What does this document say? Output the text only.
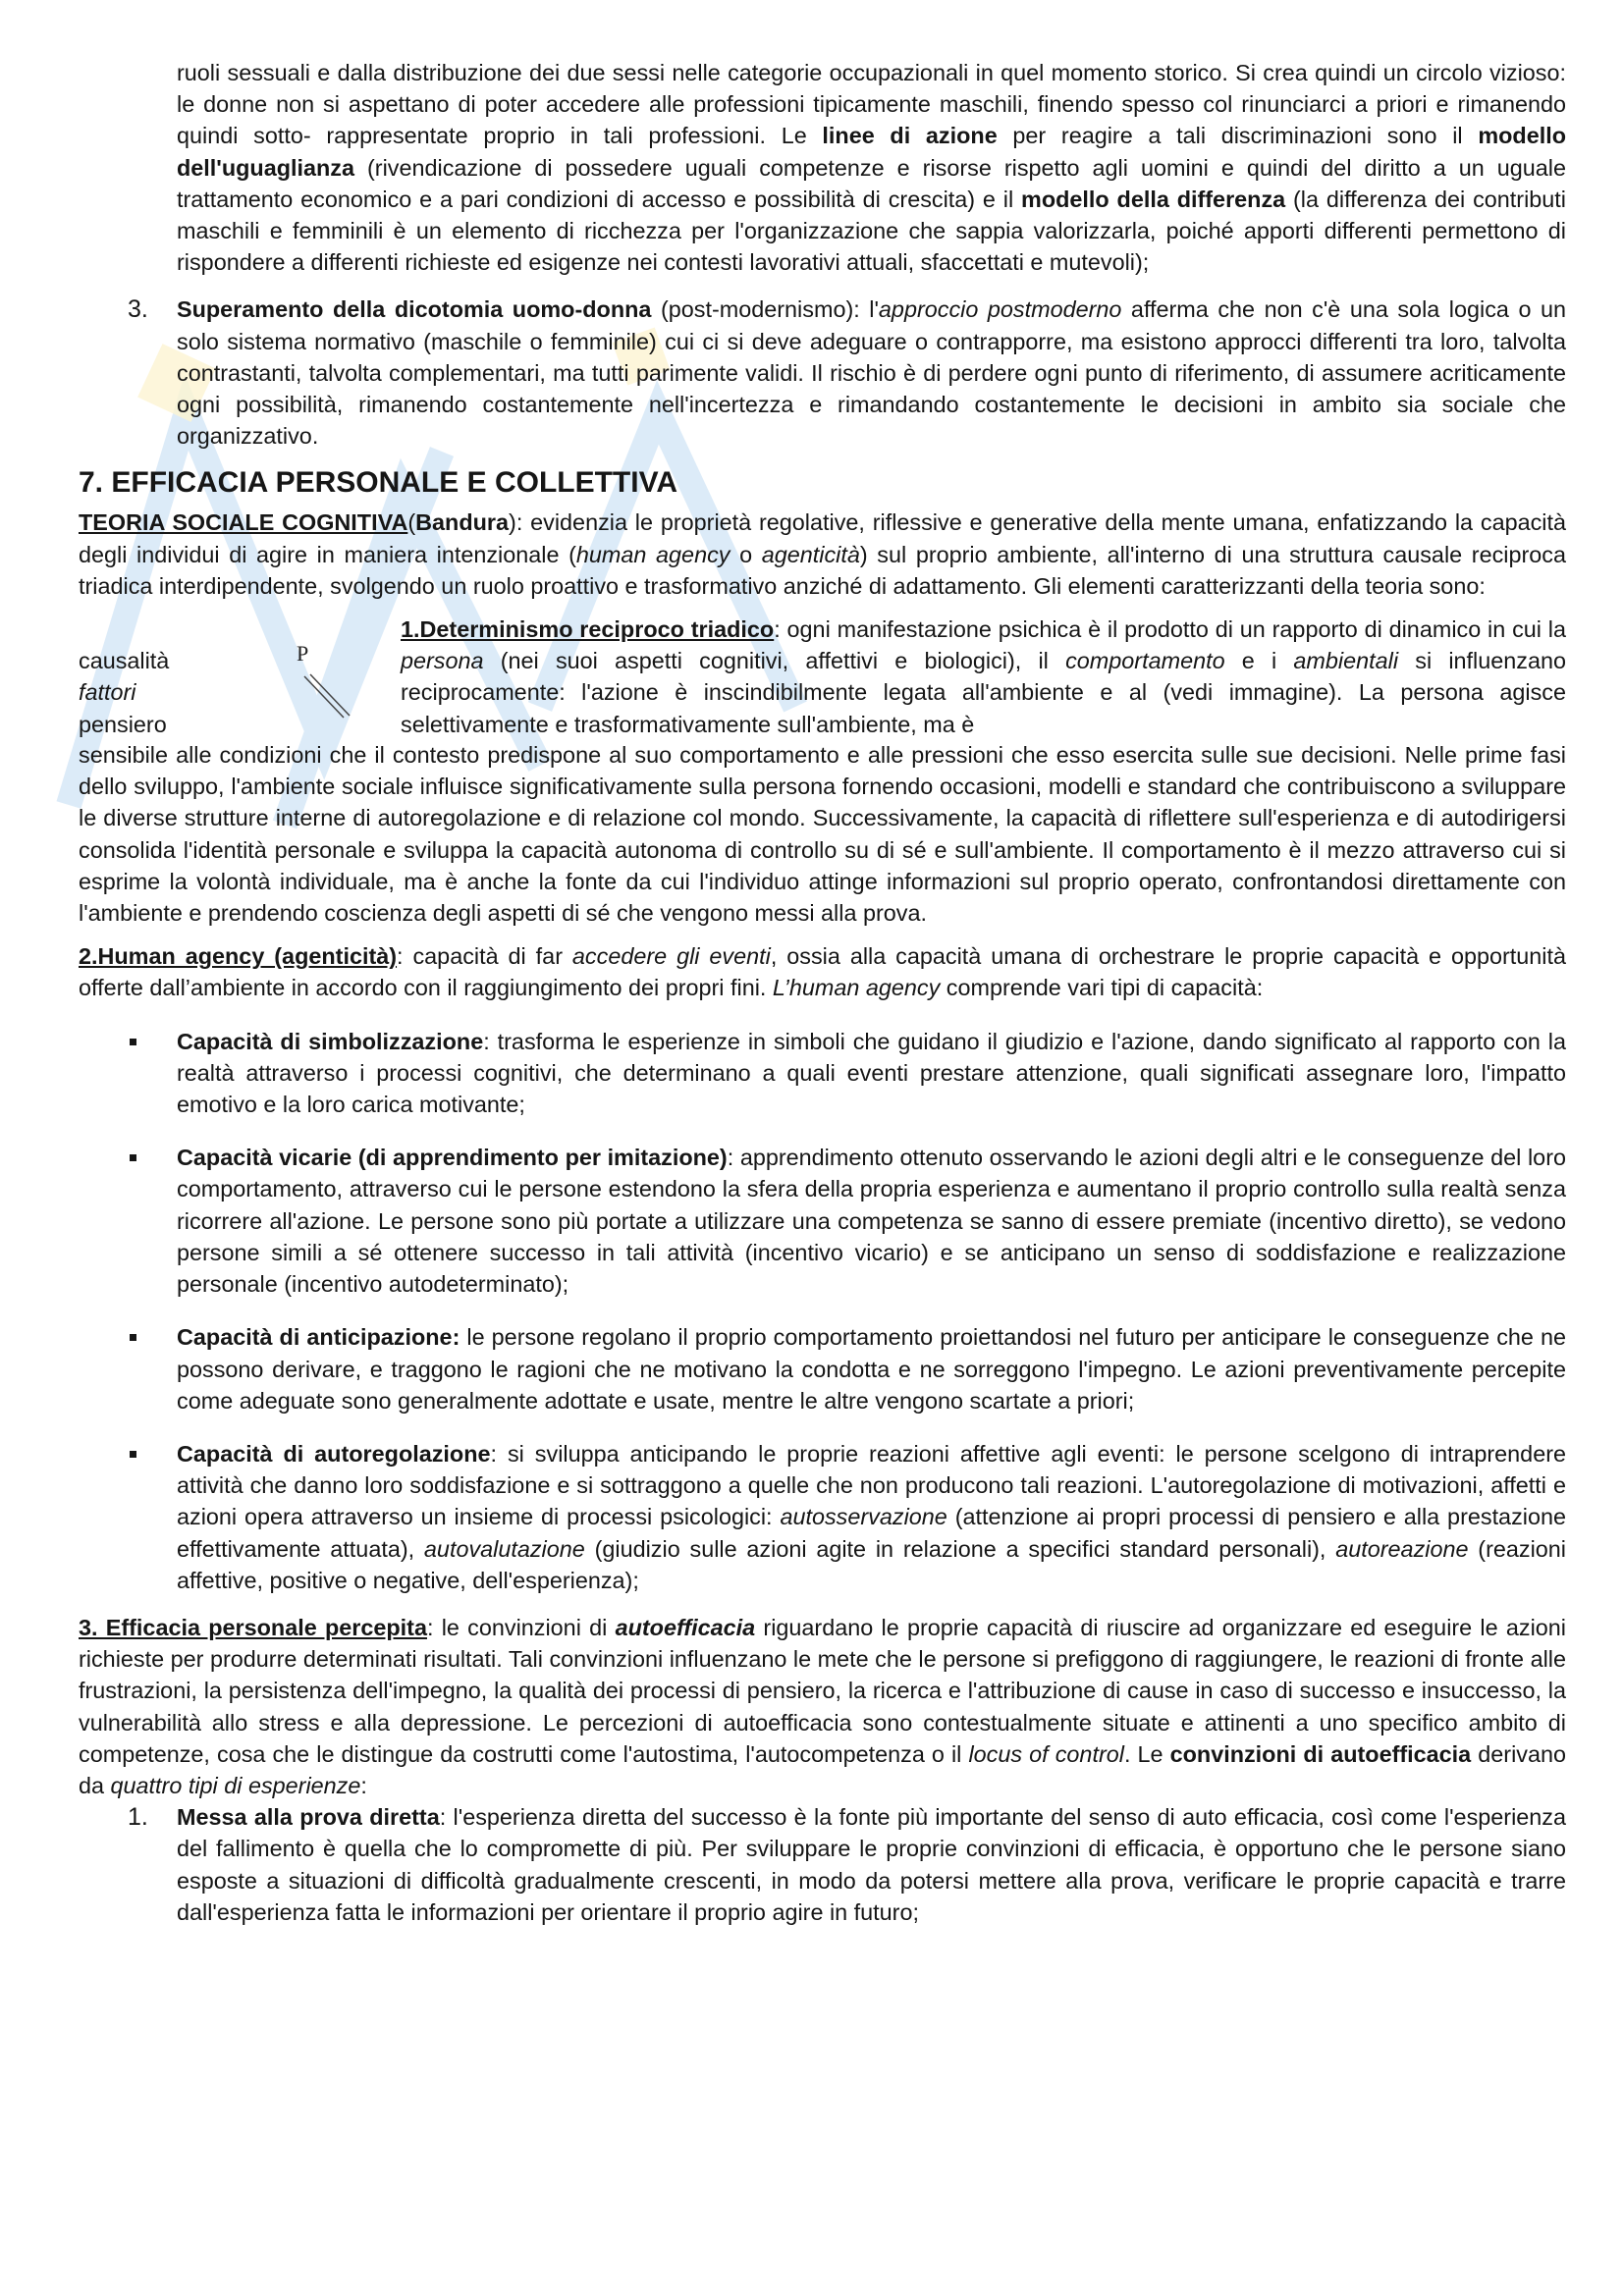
ruoli sessuali e dalla distribuzione dei due sessi nelle categorie occupazionali in quel momento storico. Si crea quindi un circolo vizioso: le donne non si aspettano di poter accedere alle professioni tipicamente maschili, finendo spesso col rinunciarci a priori e rimanendo quindi sotto- rappresentate proprio in tali professioni. Le linee di azione per reagire a tali discriminazioni sono il modello dell'uguaglianza (rivendicazione di possedere uguali competenze e risorse rispetto agli uomini e quindi del diritto a un uguale trattamento economico e a pari condizioni di accesso e possibilità di crescita) e il modello della differenza (la differenza dei contributi maschili e femminili è un elemento di ricchezza per l'organizzazione che sappia valorizzarla, poiché apporti differenti permettono di rispondere a differenti richieste ed esigenze nei contesti lavorativi attuali, sfaccettati e mutevoli);

3. Superamento della dicotomia uomo-donna (post-modernismo): l'approccio postmoderno afferma che non c'è una sola logica o un solo sistema normativo (maschile o femminile) cui ci si deve adeguare o contrapporre, ma esistono approcci differenti tra loro, talvolta contrastanti, talvolta complementari, ma tutti parimente validi. Il rischio è di perdere ogni punto di riferimento, di assumere acriticamente ogni possibilità, rimanendo costantemente nell'incertezza e rimandando costantemente le decisioni in ambito sia sociale che organizzativo.
7. EFFICACIA PERSONALE E COLLETTIVA

TEORIA SOCIALE COGNITIVA(Bandura): evidenzia le proprietà regolative, riflessive e generative della mente umana, enfatizzando la capacità degli individui di agire in maniera intenzionale (human agency o agenticità) sul proprio ambiente, all'interno di una struttura causale reciproca triadica interdipendente, svolgendo un ruolo proattivo e trasformativo anziché di adattamento. Gli elementi caratterizzanti della teoria sono:

causalità
fattori
pensiero
P
1.Determinismo reciproco triadico: ogni manifestazione psichica è il prodotto di un rapporto di dinamico in cui la persona (nei suoi aspetti cognitivi, affettivi e biologici), il comportamento e i ambientali si influenzano reciprocamente: l'azione è inscindibilmente legata all'ambiente e al (vedi immagine). La persona agisce selettivamente e trasformativamente sull'ambiente, ma è

sensibile alle condizioni che il contesto predispone al suo comportamento e alle pressioni che esso esercita sulle sue decisioni. Nelle prime fasi dello sviluppo, l'ambiente sociale influisce significativamente sulla persona fornendo occasioni, modelli e standard che contribuiscono a sviluppare le diverse strutture interne di autoregolazione e di relazione col mondo. Successivamente, la capacità di riflettere sull'esperienza e di autodirigersi consolida l'identità personale e sviluppa la capacità autonoma di controllo su di sé e sull'ambiente. Il comportamento è il mezzo attraverso cui si esprime la volontà individuale, ma è anche la fonte da cui l'individuo attinge informazioni sul proprio operato, confrontandosi direttamente con l'ambiente e prendendo coscienza degli aspetti di sé che vengono messi alla prova.

2.Human agency (agenticità): capacità di far accedere gli eventi, ossia alla capacità umana di orchestrare le proprie capacità e opportunità offerte dall’ambiente in accordo con il raggiungimento dei propri fini. L’human agency comprende vari tipi di capacità:

Capacità di simbolizzazione: trasforma le esperienze in simboli che guidano il giudizio e l'azione, dando significato al rapporto con la realtà attraverso i processi cognitivi, che determinano a quali eventi prestare attenzione, quali significati assegnare loro, l'impatto emotivo e la loro carica motivante;
Capacità vicarie (di apprendimento per imitazione): apprendimento ottenuto osservando le azioni degli altri e le conseguenze del loro comportamento, attraverso cui le persone estendono la sfera della propria esperienza e aumentano il proprio controllo sulla realtà senza ricorrere all'azione. Le persone sono più portate a utilizzare una competenza se sanno di essere premiate (incentivo diretto), se vedono persone simili a sé ottenere successo in tali attività (incentivo vicario) e se anticipano un senso di soddisfazione e realizzazione personale (incentivo autodeterminato);
Capacità di anticipazione: le persone regolano il proprio comportamento proiettandosi nel futuro per anticipare le conseguenze che ne possono derivare, e traggono le ragioni che ne motivano la condotta e ne sorreggono l'impegno. Le azioni preventivamente percepite come adeguate sono generalmente adottate e usate, mentre le altre vengono scartate a priori;
Capacità di autoregolazione: si sviluppa anticipando le proprie reazioni affettive agli eventi: le persone scelgono di intraprendere attività che danno loro soddisfazione e si sottraggono a quelle che non producono tali reazioni. L'autoregolazione di motivazioni, affetti e azioni opera attraverso un insieme di processi psicologici: autosservazione (attenzione ai propri processi di pensiero e alla prestazione effettivamente attuata), autovalutazione (giudizio sulle azioni agite in relazione a specifici standard personali), autoreazione (reazioni affettive, positive o negative, dell'esperienza);

3. Efficacia personale percepita: le convinzioni di autoefficacia riguardano le proprie capacità di riuscire ad organizzare ed eseguire le azioni richieste per produrre determinati risultati. Tali convinzioni influenzano le mete che le persone si prefiggono di raggiungere, le reazioni di fronte alle frustrazioni, la persistenza dell'impegno, la qualità dei processi di pensiero, la ricerca e l'attribuzione di cause in caso di successo e insuccesso, la vulnerabilità allo stress e alla depressione. Le percezioni di autoefficacia sono contestualmente situate e attinenti a uno specifico ambito di competenze, cosa che le distingue da costrutti come l'autostima, l'autocompetenza o il locus of control. Le convinzioni di autoefficacia derivano da quattro tipi di esperienze:

1. Messa alla prova diretta: l'esperienza diretta del successo è la fonte più importante del senso di auto efficacia, così come l'esperienza del fallimento è quella che lo compromette di più. Per sviluppare le proprie convinzioni di efficacia, è opportuno che le persone siano esposte a situazioni di difficoltà gradualmente crescenti, in modo da potersi mettere alla prova, verificare le proprie capacità e trarre dall'esperienza fatta le informazioni per orientare il proprio agire in futuro;
